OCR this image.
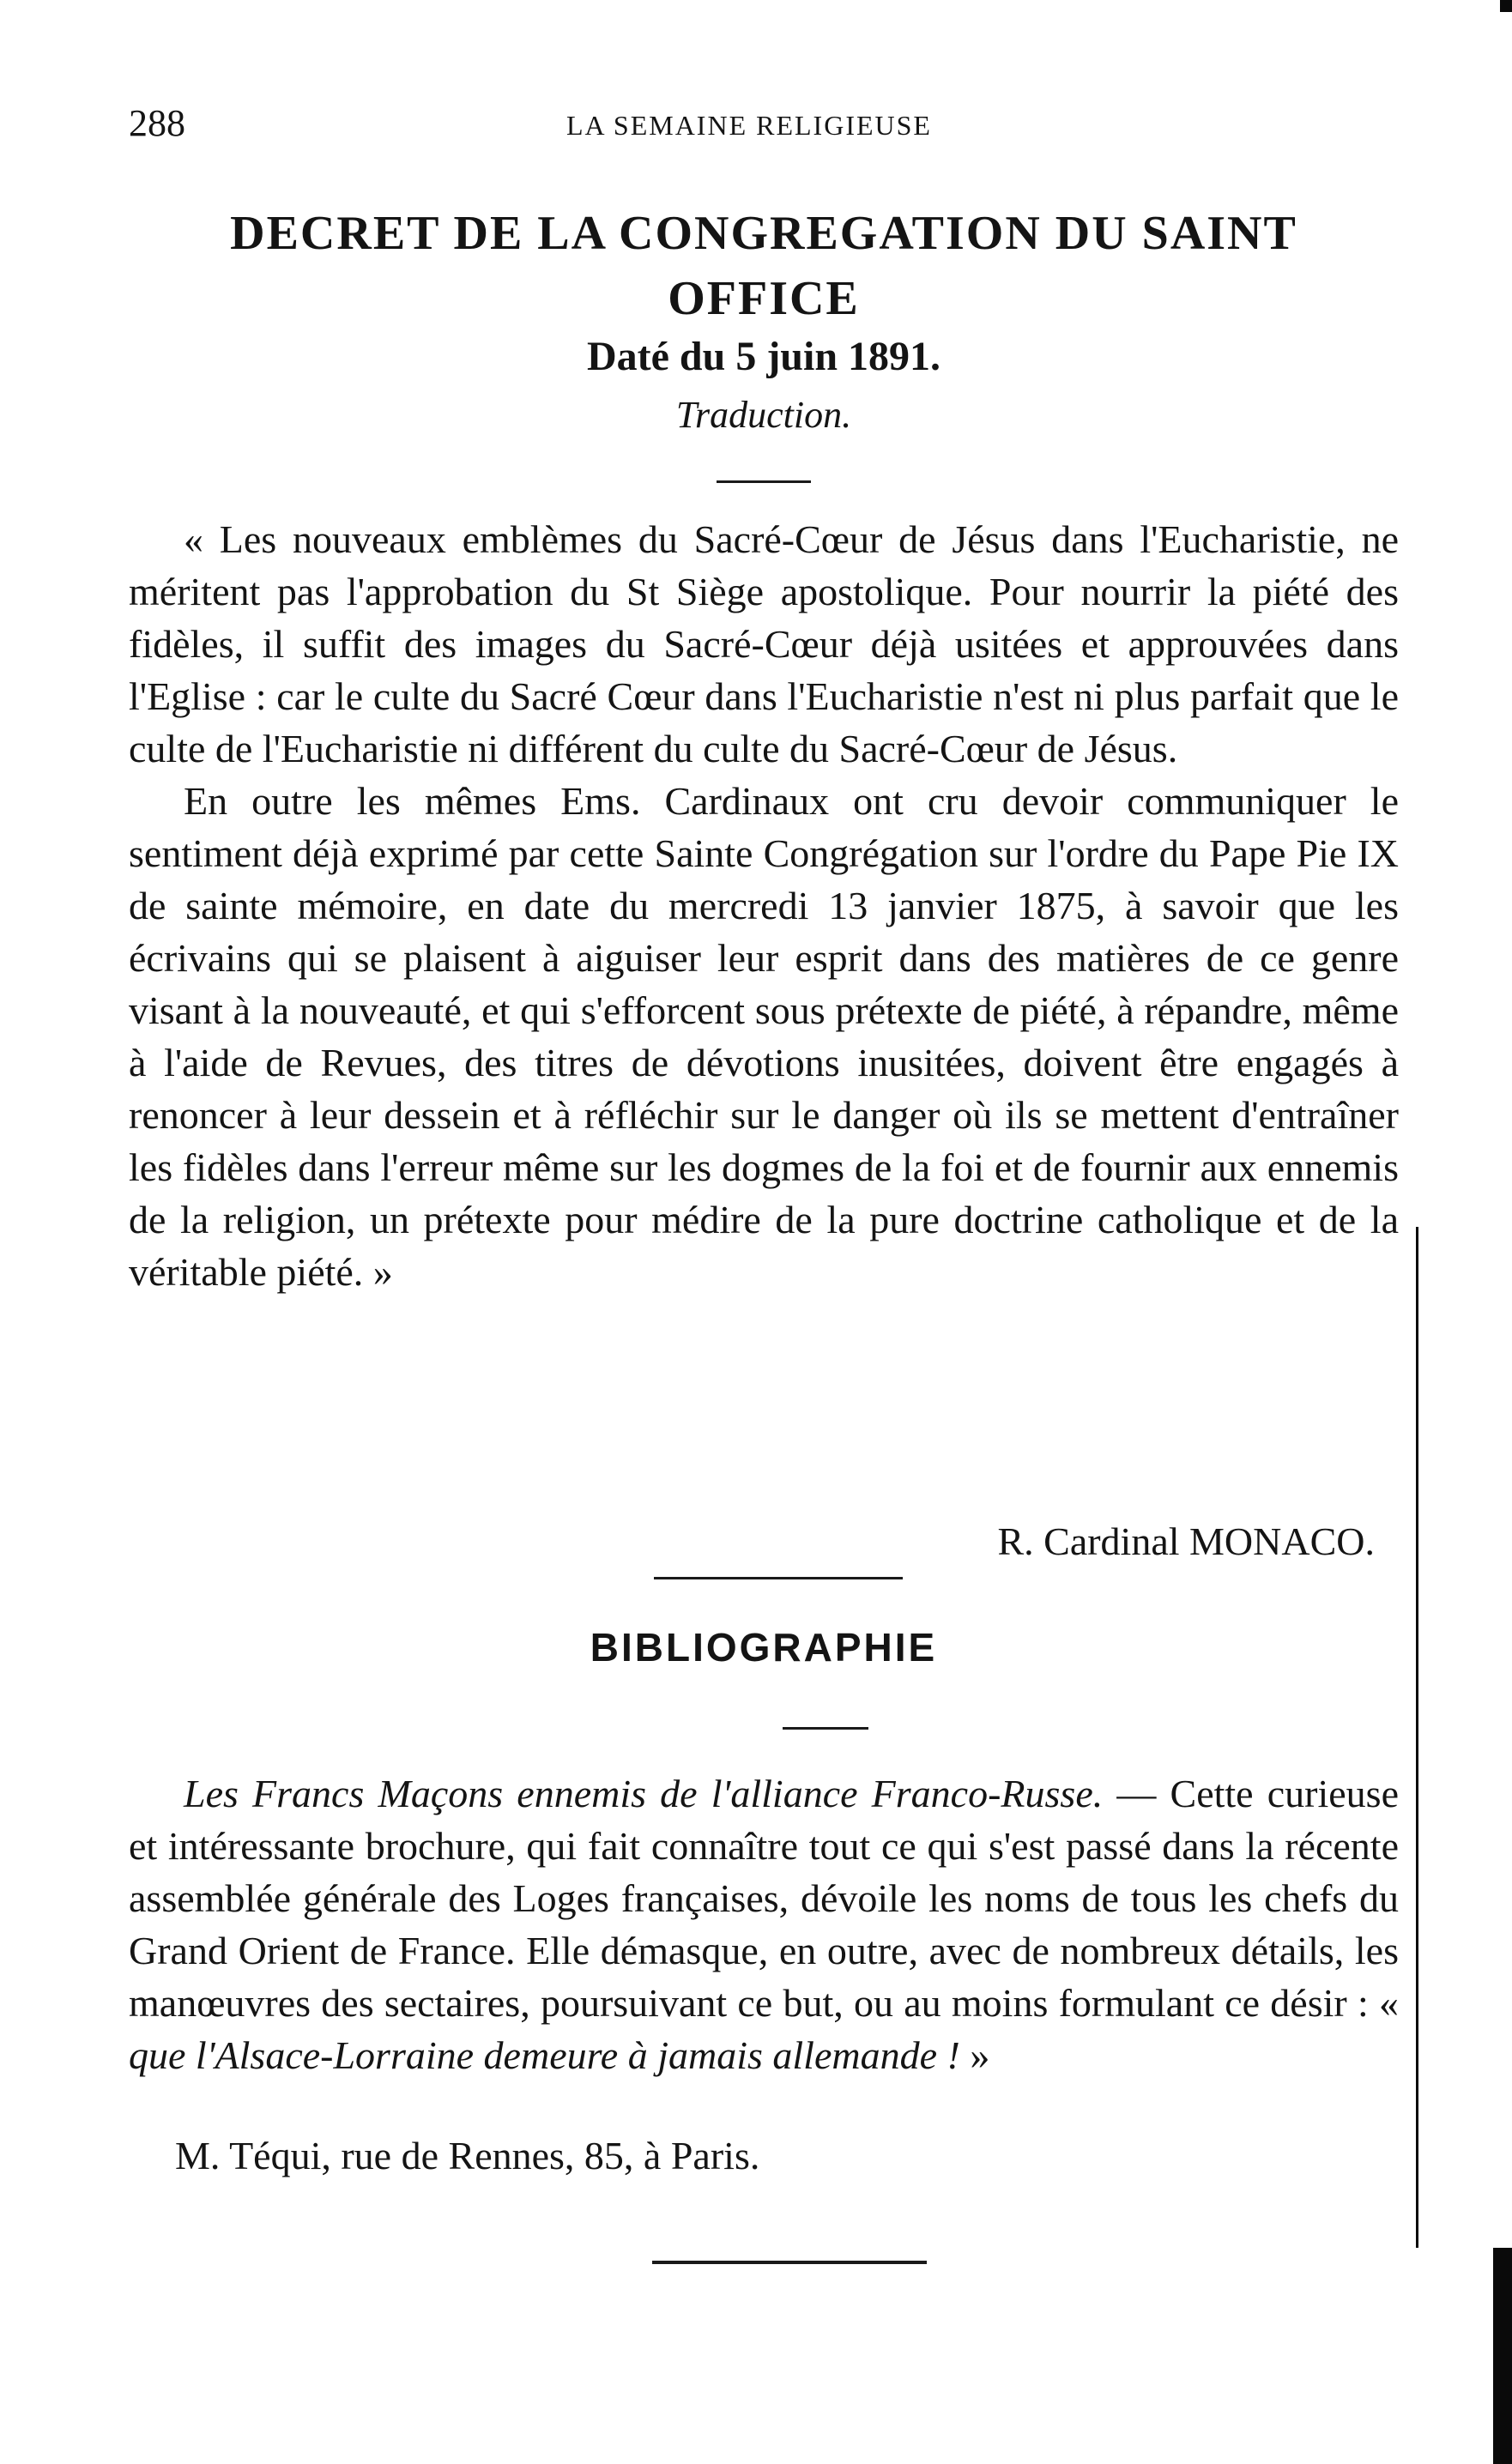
288	LA SEMAINE RELIGIEUSE
DECRET DE LA CONGREGATION DU SAINT
OFFICE
Daté du 5 juin 1891.
Traduction.

« Les nouveaux emblèmes du Sacré-Cœur de Jésus dans l'Eucharistie, ne méritent pas l'approbation du St Siège apostolique. Pour nourrir la piété des fidèles, il suffit des images du Sacré-Cœur déjà usitées et approuvées dans l'Eglise : car le culte du Sacré Cœur dans l'Eucharistie n'est ni plus parfait que le culte de l'Eucharistie ni différent du culte du Sacré-Cœur de Jésus.

En outre les mêmes Ems. Cardinaux ont cru devoir communiquer le sentiment déjà exprimé par cette Sainte Congrégation sur l'ordre du Pape Pie IX de sainte mémoire, en date du mercredi 13 janvier 1875, à savoir que les écrivains qui se plaisent à aiguiser leur esprit dans des matières de ce genre visant à la nouveauté, et qui s'efforcent sous prétexte de piété, à répandre, même à l'aide de Revues, des titres de dévotions inusitées, doivent être engagés à renoncer à leur dessein et à réfléchir sur le danger où ils se mettent d'entraîner les fidèles dans l'erreur même sur les dogmes de la foi et de fournir aux ennemis de la religion, un prétexte pour médire de la pure doctrine catholique et de la véritable piété. »

R. Cardinal MONACO.
BIBLIOGRAPHIE

Les Francs Maçons ennemis de l'alliance Franco-Russe. — Cette curieuse et intéressante brochure, qui fait connaître tout ce qui s'est passé dans la récente assemblée générale des Loges françaises, dévoile les noms de tous les chefs du Grand Orient de France. Elle démasque, en outre, avec de nombreux détails, les manœuvres des sectaires, poursuivant ce but, ou au moins formulant ce désir : « que l'Alsace-Lorraine demeure à jamais allemande ! »

M. Téqui, rue de Rennes, 85, à Paris.
